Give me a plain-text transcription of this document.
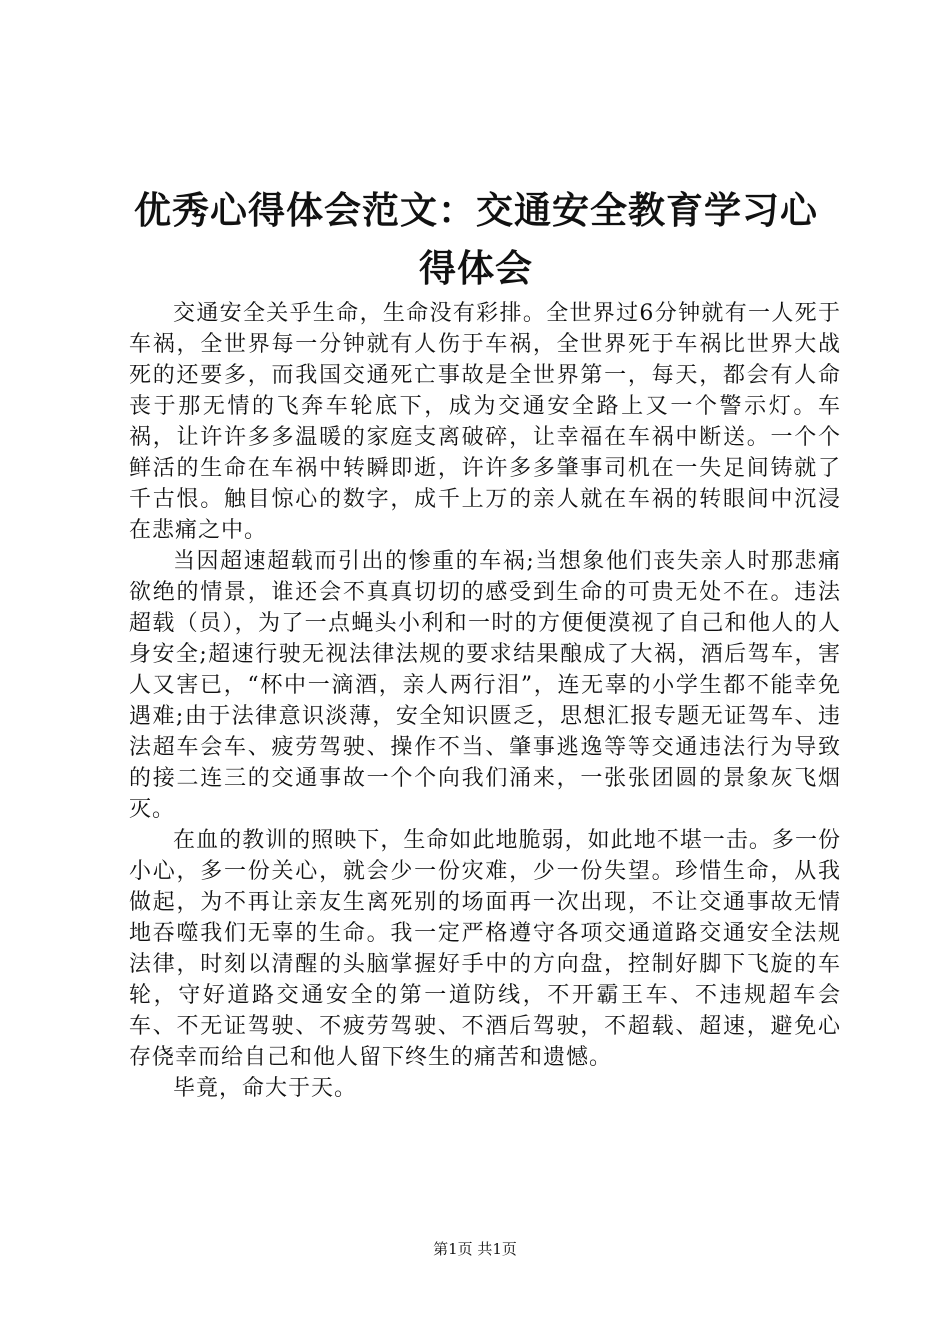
优秀心得体会范文：交通安全教育学习心得体会

交通安全关乎生命，生命没有彩排。全世界过6分钟就有一人死于车祸，全世界每一分钟就有人伤于车祸，全世界死于车祸比世界大战死的还要多，而我国交通死亡事故是全世界第一，每天，都会有人命丧于那无情的飞奔车轮底下，成为交通安全路上又一个警示灯。车祸，让许许多多温暖的家庭支离破碎，让幸福在车祸中断送。一个个鲜活的生命在车祸中转瞬即逝，许许多多肇事司机在一失足间铸就了千古恨。触目惊心的数字，成千上万的亲人就在车祸的转眼间中沉浸在悲痛之中。

当因超速超载而引出的惨重的车祸;当想象他们丧失亲人时那悲痛欲绝的情景，谁还会不真真切切的感受到生命的可贵无处不在。违法超载（员），为了一点蝇头小利和一时的方便便漠视了自己和他人的人身安全;超速行驶无视法律法规的要求结果酿成了大祸，酒后驾车，害人又害已，“杯中一滴酒，亲人两行泪”，连无辜的小学生都不能幸免遇难;由于法律意识淡薄，安全知识匮乏，思想汇报专题无证驾车、违法超车会车、疲劳驾驶、操作不当、肇事逃逸等等交通违法行为导致的接二连三的交通事故一个个向我们涌来，一张张团圆的景象灰飞烟灭。

在血的教训的照映下，生命如此地脆弱，如此地不堪一击。多一份小心，多一份关心，就会少一份灾难，少一份失望。珍惜生命，从我做起，为不再让亲友生离死别的场面再一次出现，不让交通事故无情地吞噬我们无辜的生命。我一定严格遵守各项交通道路交通安全法规法律，时刻以清醒的头脑掌握好手中的方向盘，控制好脚下飞旋的车轮，守好道路交通安全的第一道防线，不开霸王车、不违规超车会车、不无证驾驶、不疲劳驾驶、不酒后驾驶，不超载、超速，避免心存侥幸而给自己和他人留下终生的痛苦和遗憾。

毕竟，命大于天。

第1页 共1页
